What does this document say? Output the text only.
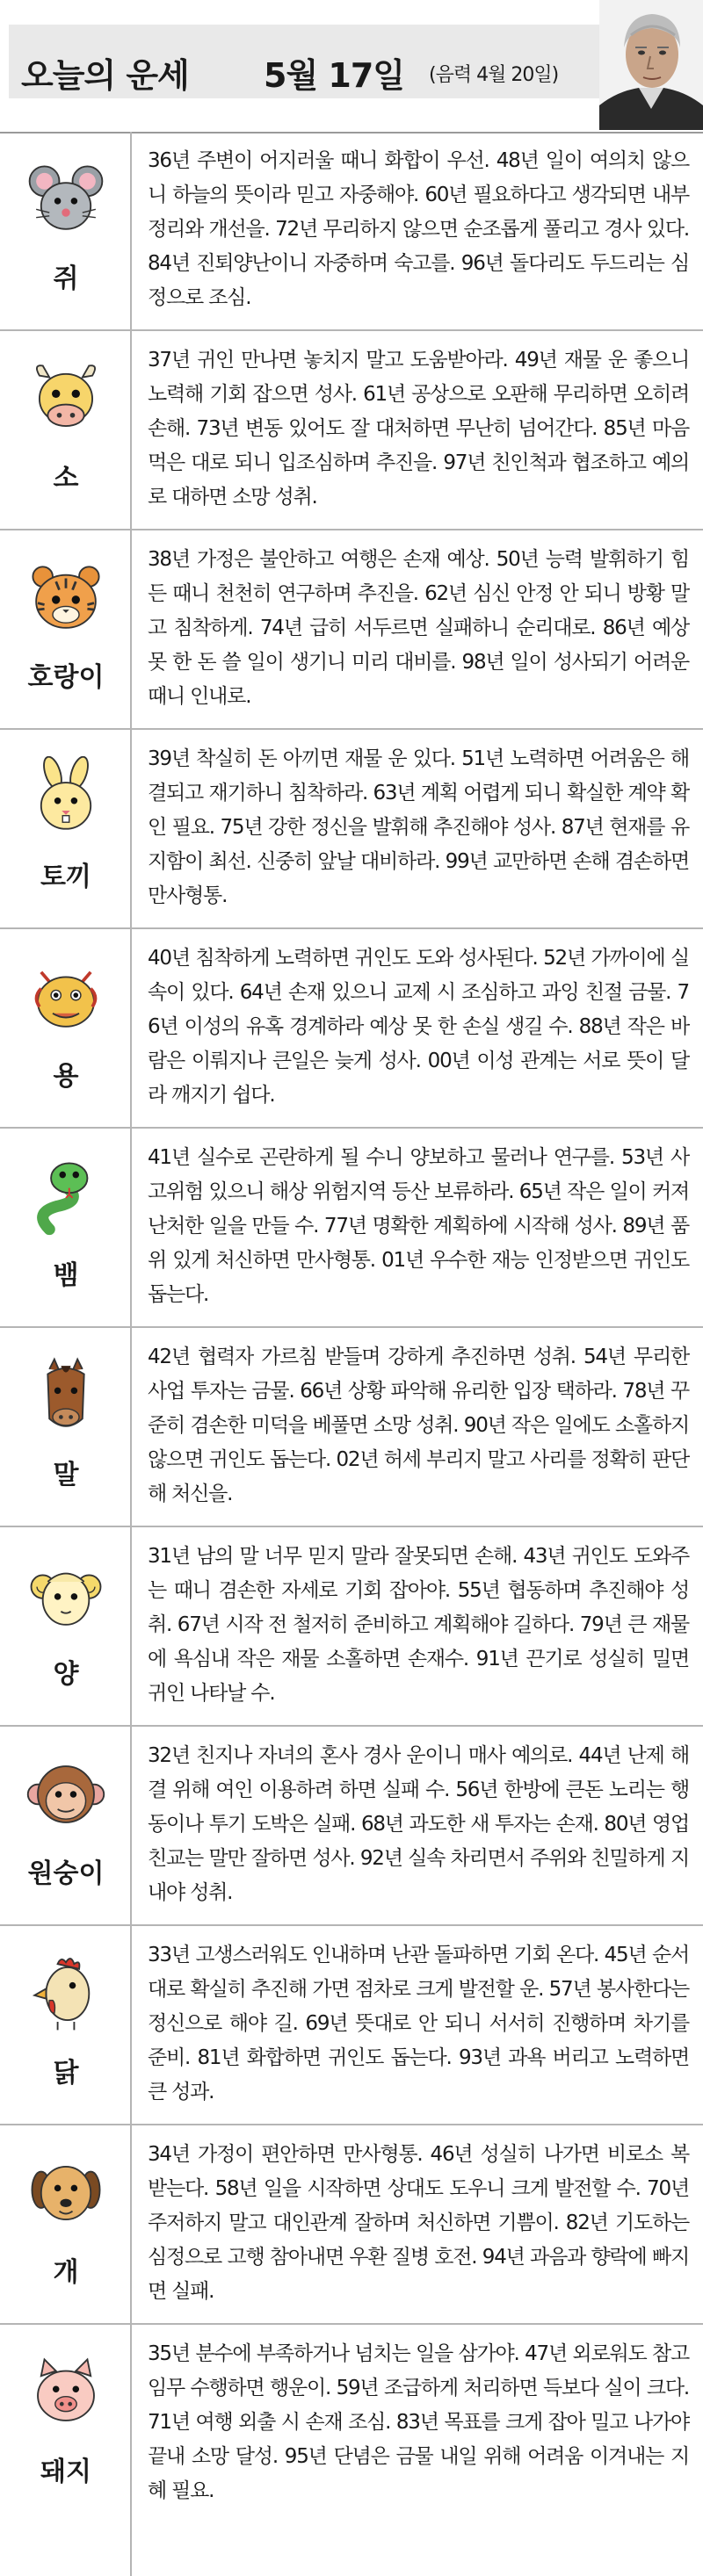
오늘의 운세 5월 17일 (음력 4월 20일)
쥐
36년 주변이 어지러울 때니 화합이 우선. 48년 일이 여의치 않으니 하늘의 뜻이라 믿고 자중해야. 60년 필요하다고 생각되면 내부 정리와 개선을. 72년 무리하지 않으면 순조롭게 풀리고 경사 있다. 84년 진퇴양난이니 자중하며 숙고를. 96년 돌다리도 두드리는 심정으로 조심.
소
37년 귀인 만나면 놓치지 말고 도움받아라. 49년 재물 운 좋으니 노력해 기회 잡으면 성사. 61년 공상으로 오판해 무리하면 오히려 손해. 73년 변동 있어도 잘 대처하면 무난히 넘어간다. 85년 마음먹은 대로 되니 입조심하며 추진을. 97년 친인척과 협조하고 예의로 대하면 소망 성취.
호랑이
38년 가정은 불안하고 여행은 손재 예상. 50년 능력 발휘하기 힘든 때니 천천히 연구하며 추진을. 62년 심신 안정 안 되니 방황 말고 침착하게. 74년 급히 서두르면 실패하니 순리대로. 86년 예상 못 한 돈 쓸 일이 생기니 미리 대비를. 98년 일이 성사되기 어려운 때니 인내로.
토끼
39년 착실히 돈 아끼면 재물 운 있다. 51년 노력하면 어려움은 해결되고 재기하니 침착하라. 63년 계획 어렵게 되니 확실한 계약 확인 필요. 75년 강한 정신을 발휘해 추진해야 성사. 87년 현재를 유지함이 최선. 신중히 앞날 대비하라. 99년 교만하면 손해 겸손하면 만사형통.
용
40년 침착하게 노력하면 귀인도 도와 성사된다. 52년 가까이에 실속이 있다. 64년 손재 있으니 교제 시 조심하고 과잉 친절 금물. 76년 이성의 유혹 경계하라 예상 못 한 손실 생길 수. 88년 작은 바람은 이뤄지나 큰일은 늦게 성사. 00년 이성 관계는 서로 뜻이 달라 깨지기 쉽다.
뱀
41년 실수로 곤란하게 될 수니 양보하고 물러나 연구를. 53년 사고위험 있으니 해상 위험지역 등산 보류하라. 65년 작은 일이 커져 난처한 일을 만들 수. 77년 명확한 계획하에 시작해 성사. 89년 품위 있게 처신하면 만사형통. 01년 우수한 재능 인정받으면 귀인도 돕는다.
말
42년 협력자 가르침 받들며 강하게 추진하면 성취. 54년 무리한 사업 투자는 금물. 66년 상황 파악해 유리한 입장 택하라. 78년 꾸준히 겸손한 미덕을 베풀면 소망 성취. 90년 작은 일에도 소홀하지 않으면 귀인도 돕는다. 02년 허세 부리지 말고 사리를 정확히 판단해 처신을.
양
31년 남의 말 너무 믿지 말라 잘못되면 손해. 43년 귀인도 도와주는 때니 겸손한 자세로 기회 잡아야. 55년 협동하며 추진해야 성취. 67년 시작 전 철저히 준비하고 계획해야 길하다. 79년 큰 재물에 욕심내 작은 재물 소홀하면 손재수. 91년 끈기로 성실히 밀면 귀인 나타날 수.
원숭이
32년 친지나 자녀의 혼사 경사 운이니 매사 예의로. 44년 난제 해결 위해 여인 이용하려 하면 실패 수. 56년 한방에 큰돈 노리는 행동이나 투기 도박은 실패. 68년 과도한 새 투자는 손재. 80년 영업 친교는 말만 잘하면 성사. 92년 실속 차리면서 주위와 친밀하게 지내야 성취.
닭
33년 고생스러워도 인내하며 난관 돌파하면 기회 온다. 45년 순서대로 확실히 추진해 가면 점차로 크게 발전할 운. 57년 봉사한다는 정신으로 해야 길. 69년 뜻대로 안 되니 서서히 진행하며 차기를 준비. 81년 화합하면 귀인도 돕는다. 93년 과욕 버리고 노력하면 큰 성과.
개
34년 가정이 편안하면 만사형통. 46년 성실히 나가면 비로소 복 받는다. 58년 일을 시작하면 상대도 도우니 크게 발전할 수. 70년 주저하지 말고 대인관계 잘하며 처신하면 기쁨이. 82년 기도하는 심정으로 고행 참아내면 우환 질병 호전. 94년 과음과 향락에 빠지면 실패.
돼지
35년 분수에 부족하거나 넘치는 일을 삼가야. 47년 외로워도 참고 임무 수행하면 행운이. 59년 조급하게 처리하면 득보다 실이 크다. 71년 여행 외출 시 손재 조심. 83년 목표를 크게 잡아 밀고 나가야 끝내 소망 달성. 95년 단념은 금물 내일 위해 어려움 이겨내는 지혜 필요.
